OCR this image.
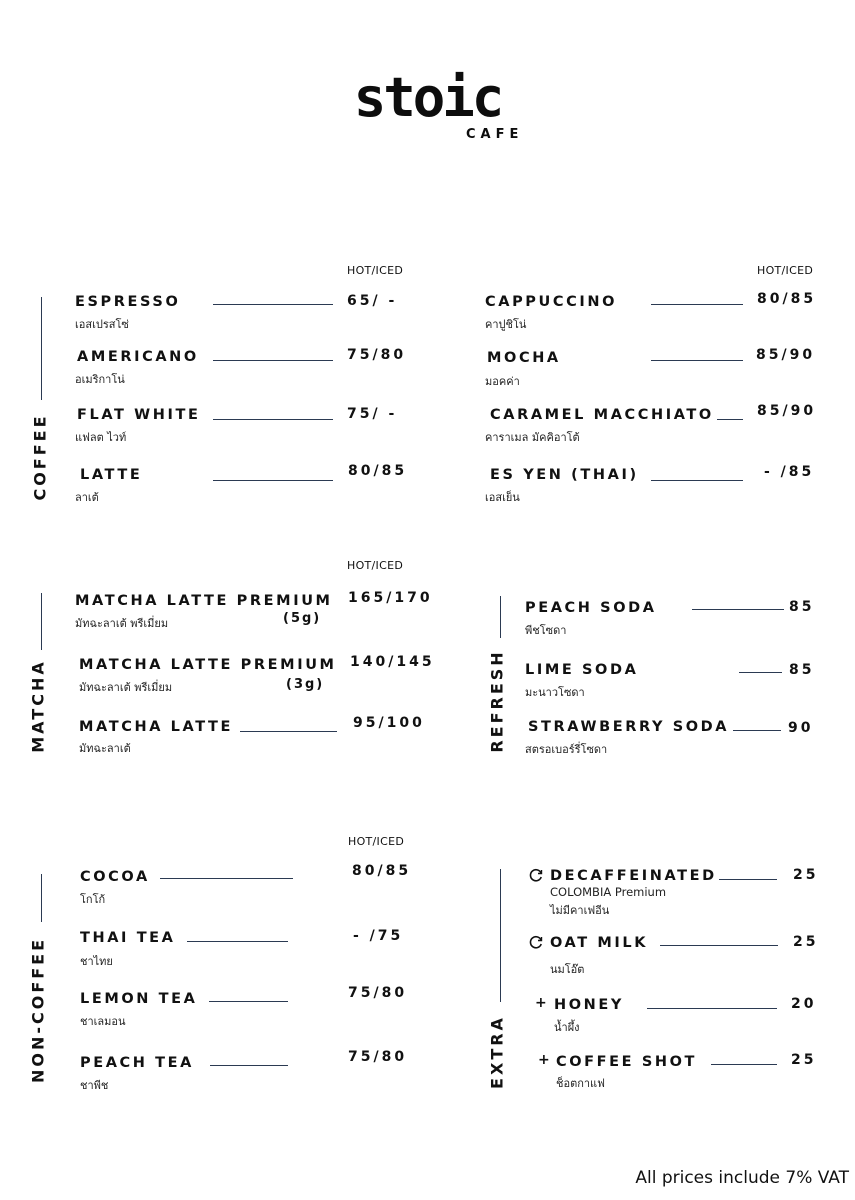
stoic
CAFE
HOT/ICED	HOT/ICED
COFFEE
ESPRESSO
เอสเปรสโซ่
65/ -
AMERICANO
อเมริกาโน่
75/80
FLAT WHITE
แฟลต ไวท์
75/ -
LATTE
ลาเต้
80/85
CAPPUCCINO
คาปูชิโน่
80/85
MOCHA
มอคค่า
85/90
CARAMEL MACCHIATO
คาราเมล มัคคิอาโต้
85/90
ES YEN (THAI)
เอสเย็น
- /85
HOT/ICED
MATCHA
MATCHA LATTE PREMIUM
มัทฉะลาเต้ พรีเมี่ยม	(5g)
165/170
MATCHA LATTE PREMIUM
มัทฉะลาเต้ พรีเมี่ยม	(3g)
140/145
MATCHA LATTE
มัทฉะลาเต้
95/100	REFRESH
PEACH SODA
พีชโซดา
85
LIME SODA
มะนาวโซดา
85
STRAWBERRY SODA
สตรอเบอร์รี่โซดา
90
HOT/ICED
NON-COFFEE
COCOA
โกโก้
80/85
THAI TEA
ชาไทย
- /75
LEMON TEA
ชาเลมอน
75/80
PEACH TEA
ชาพีช
75/80	EXTRA
DECAFFEINATED
COLOMBIA Premium
ไม่มีคาเฟอีน
25
OAT MILK
นมโอ๊ต
25
+ HONEY
น้ำผึ้ง
20
+ COFFEE SHOT
ช็อตกาแฟ
25
All prices include 7% VAT
